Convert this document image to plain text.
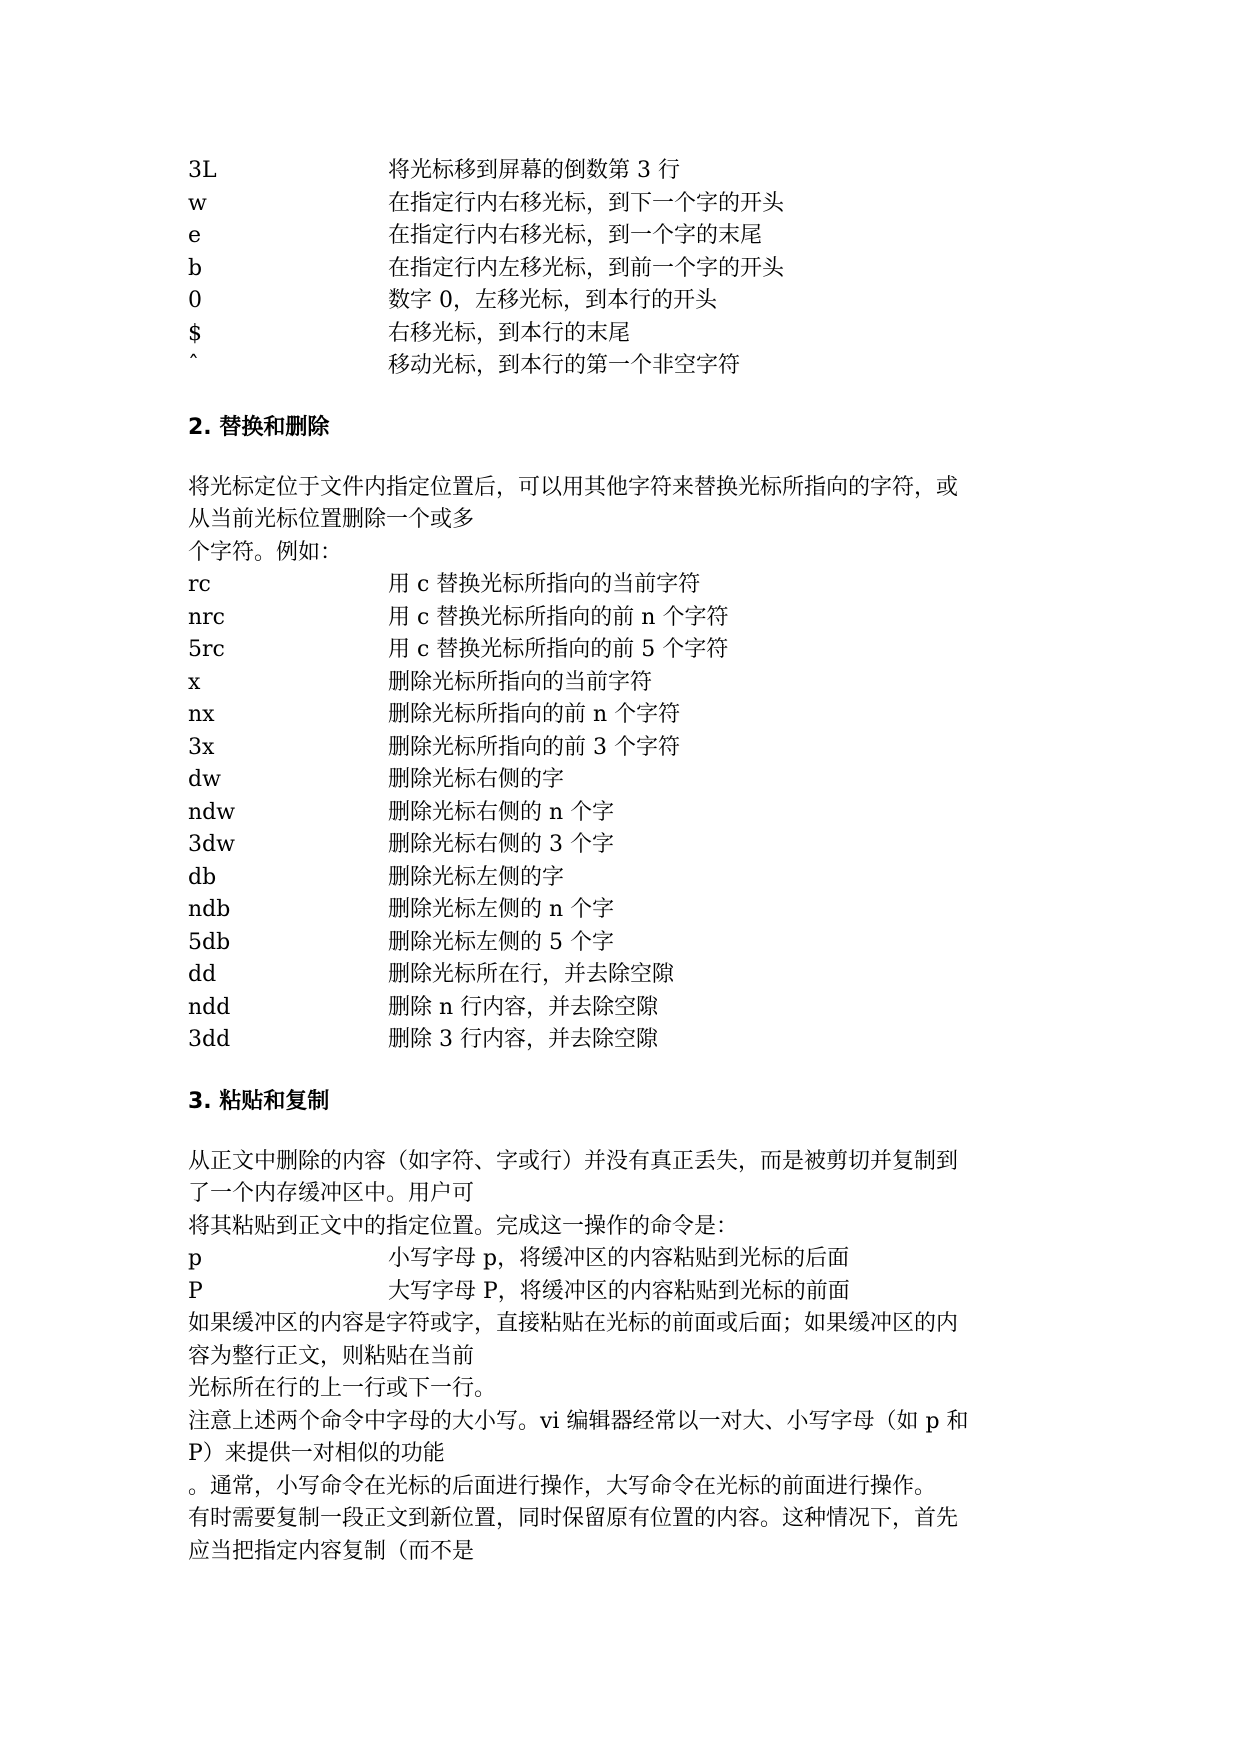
3L	将光标移到屏幕的倒数第 3 行
w	在指定行内右移光标，到下一个字的开头
e	在指定行内右移光标，到一个字的末尾
b	在指定行内左移光标，到前一个字的开头
0	数字 0，左移光标，到本行的开头
$	右移光标，到本行的末尾
ˆ	移动光标，到本行的第一个非空字符
2. 替换和删除

将光标定位于文件内指定位置后，可以用其他字符来替换光标所指向的字符，或
从当前光标位置删除一个或多
个字符。例如：

rc	用 c 替换光标所指向的当前字符
nrc	用 c 替换光标所指向的前 n 个字符
5rc	用 c 替换光标所指向的前 5 个字符
x	删除光标所指向的当前字符
nx	删除光标所指向的前 n 个字符
3x	删除光标所指向的前 3 个字符
dw	删除光标右侧的字
ndw	删除光标右侧的 n 个字
3dw	删除光标右侧的 3 个字
db	删除光标左侧的字
ndb	删除光标左侧的 n 个字
5db	删除光标左侧的 5 个字
dd	删除光标所在行，并去除空隙
ndd	删除 n 行内容，并去除空隙
3dd	删除 3 行内容，并去除空隙
3. 粘贴和复制

从正文中删除的内容（如字符、字或行）并没有真正丢失，而是被剪切并复制到
了一个内存缓冲区中。用户可
将其粘贴到正文中的指定位置。完成这一操作的命令是：

p	小写字母 p，将缓冲区的内容粘贴到光标的后面
P	大写字母 P，将缓冲区的内容粘贴到光标的前面

如果缓冲区的内容是字符或字，直接粘贴在光标的前面或后面；如果缓冲区的内
容为整行正文，则粘贴在当前
光标所在行的上一行或下一行。
注意上述两个命令中字母的大小写。vi 编辑器经常以一对大、小写字母（如 p 和
P）来提供一对相似的功能
。通常，小写命令在光标的后面进行操作，大写命令在光标的前面进行操作。
有时需要复制一段正文到新位置，同时保留原有位置的内容。这种情况下，首先
应当把指定内容复制（而不是
